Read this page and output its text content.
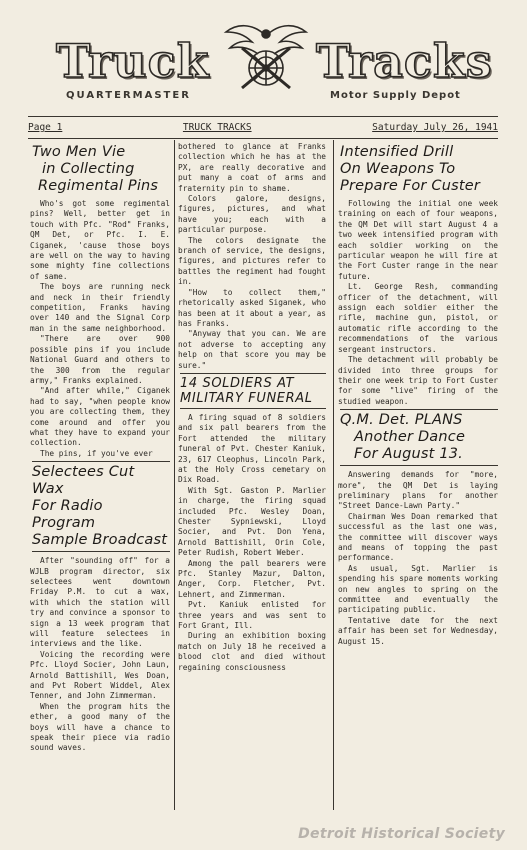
Truck Tracks
QUARTERMASTER	Motor Supply Depot
Page 1	TRUCK TRACKS	Saturday July 26, 1941
Two Men Vie
in Collecting
Regimental Pins

Who's got some regimental pins? Well, better get in touch with Pfc. "Rod" Franks, QM Det, or Pfc. I. E. Ciganek, 'cause those boys are well on the way to having some mighty fine collections of same.

The boys are running neck and neck in their friendly competition, Franks having over 140 and the Signal Corp man in the same neighborhood.

"There are over 900 possible pins if you include National Guard and others to the 300 from the regular army," Franks explained.

"And after while," Ciganek had to say, "when people know you are collecting them, they come around and offer you what they have to expand your collection.

The pins, if you've ever

Selectees Cut Wax
For Radio Program
Sample Broadcast

After "sounding off" for a WJLB program director, six selectees went downtown Friday P.M. to cut a wax, with which the station will try and convince a sponsor to sign a 13 week program that will feature selectees in interviews and the like.

Voicing the recording were Pfc. Lloyd Socier, John Laun, Arnold Battishill, Wes Doan, and Pvt Robert Widdel, Alex Tenner, and John Zimmerman.

When the program hits the ether, a good many of the boys will have a chance to speak their piece via radio sound waves.

bothered to glance at Franks collection which he has at the PX, are really decorative and put many a coat of arms and fraternity pin to shame.

Colors galore, designs, figures, pictures, and what have you; each with a particular purpose.

The colors designate the branch of service, the designs, figures, and pictures refer to battles the regiment had fought in.

"How to collect them," rhetorically asked Siganek, who has been at it about a year, as has Franks.

"Anyway that you can. We are not adverse to accepting any help on that score you may be sure."

14 SOLDIERS AT
MILITARY FUNERAL

A firing squad of 8 soldiers and six pall bearers from the Fort attended the military funeral of Pvt. Chester Kaniuk, 23, 617 Cleophus, Lincoln Park, at the Holy Cross cemetary on Dix Road.

With Sgt. Gaston P. Marlier in charge, the firing squad included Pfc. Wesley Doan, Chester Sypniewski, Lloyd Socier, and Pvt. Don Yena, Arnold Battishill, Orin Cole, Peter Rudish, Robert Weber.

Among the pall bearers were Pfc. Stanley Mazur, Dalton, Anger, Corp. Fletcher, Pvt. Lehnert, and Zimmerman.

Pvt. Kaniuk enlisted for three years and was sent to Fort Grant, Ill.

During an exhibition boxing match on July 18 he received a blood clot and died without regaining consciousness

Intensified Drill
On Weapons To
Prepare For Custer

Following the initial one week training on each of four weapons, the QM Det will start August 4 a two week intensified program with each soldier working on the particular weapon he will fire at the Fort Custer range in the near future.

Lt. George Resh, commanding officer of the detachment, will assign each soldier either the rifle, machine gun, pistol, or automatic rifle according to the recommendations of the various sergeant instructors.

The detachment will probably be divided into three groups for their one week trip to Fort Custer for some "live" firing of the studied weapon.

Q.M. Det. PLANS
Another Dance
For August 13.

Answering demands for "more, more", the QM Det is laying preliminary plans for another "Street Dance-Lawn Party."

Chairman Wes Doan remarked that successful as the last one was, the committee will discover ways and means of topping the past performance.

As usual, Sgt. Marlier is spending his spare moments working on new angles to spring on the committee and eventually the participating public.

Tentative date for the next affair has been set for Wednesday, August 15.

Detroit Historical Society
